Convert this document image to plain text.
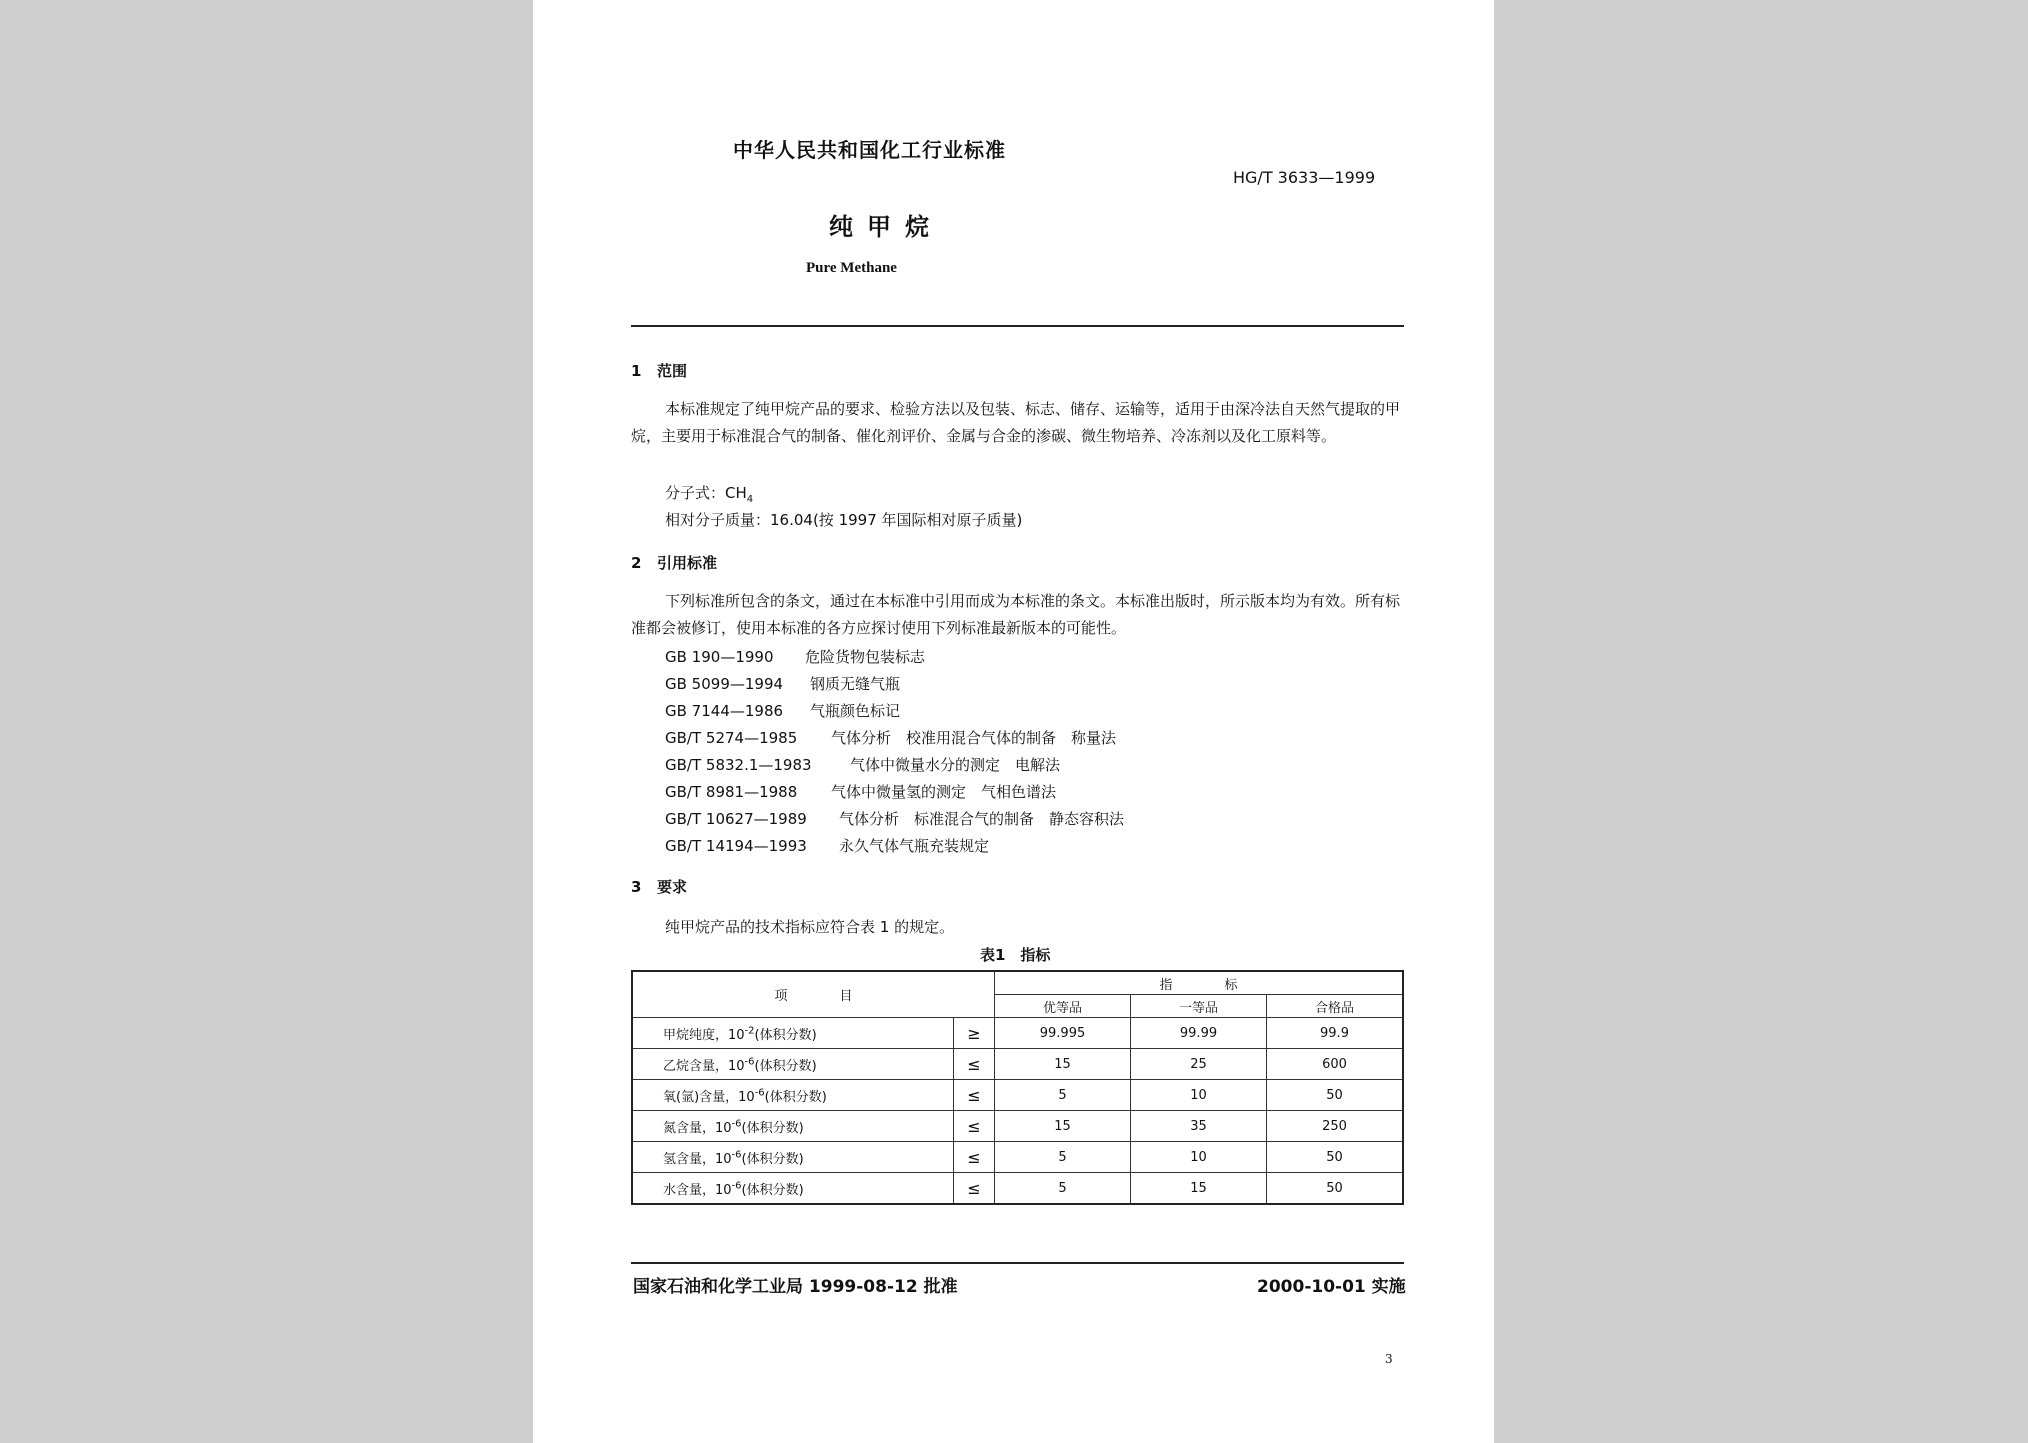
中华人民共和国化工行业标准
HG/T 3633—1999
纯甲烷
Pure Methane
1 范围
本标准规定了纯甲烷产品的要求、检验方法以及包装、标志、储存、运输等，适用于由深冷法自天然气提取的甲烷，主要用于标准混合气的制备、催化剂评价、金属与合金的渗碳、微生物培养、冷冻剂以及化工原料等。
分子式：$CH_4$
相对分子质量：16.04(按 1997 年国际相对原子质量)
2 引用标准
下列标准所包含的条文，通过在本标准中引用而成为本标准的条文。本标准出版时，所示版本均为有效。所有标准都会被修订，使用本标准的各方应探讨使用下列标准最新版本的可能性。
GB 190—1990 危险货物包装标志
GB 5099—1994 钢质无缝气瓶
GB 7144—1986 气瓶颜色标记
GB/T 5274—1985 气体分析　校准用混合气体的制备　称量法
GB/T 5832.1—1983	气体中微量水分的测定　电解法
GB/T 8981—1988 气体中微量氢的测定　气相色谱法
GB/T 10627—1989 气体分析　标准混合气的制备　静态容积法
GB/T 14194—1993 永久气体气瓶充装规定
3 要求
纯甲烷产品的技术指标应符合表 1 的规定。
表1　指标
项　　　　目		指　　　　标		
		优等品	一等品	合格品
甲烷纯度，$10^{-2}$(体积分数)	≥	99.995	99.99	99.9
乙烷含量，$10^{-6}$(体积分数)	≤	15	25	600
氧(氩)含量，$10^{-6}$(体积分数)	≤	5	10	50
氮含量，$10^{-6}$(体积分数)	≤	15	35	250
氢含量，$10^{-6}$(体积分数)	≤	5	10	50
水含量，$10^{-6}$(体积分数)	≤	5	15	50
国家石油和化学工业局 1999-08-12 批准	2000-10-01 实施
3
